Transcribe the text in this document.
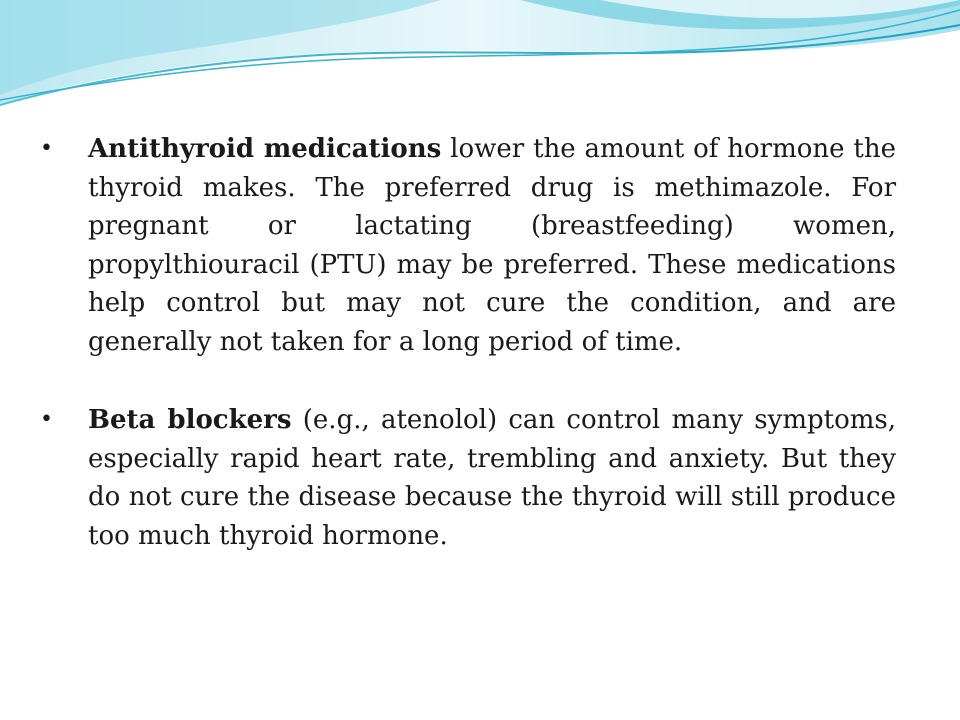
• Antithyroid medications lower the amount of hormone the thyroid makes. The preferred drug is methimazole. For pregnant or lactating (breastfeeding) women, propylthiouracil (PTU) may be preferred. These medications help control but may not cure the condition, and are generally not taken for a long period of time.
• Beta blockers (e.g., atenolol) can control many symptoms, especially rapid heart rate, trembling and anxiety. But they do not cure the disease because the thyroid will still produce too much thyroid hormone.
